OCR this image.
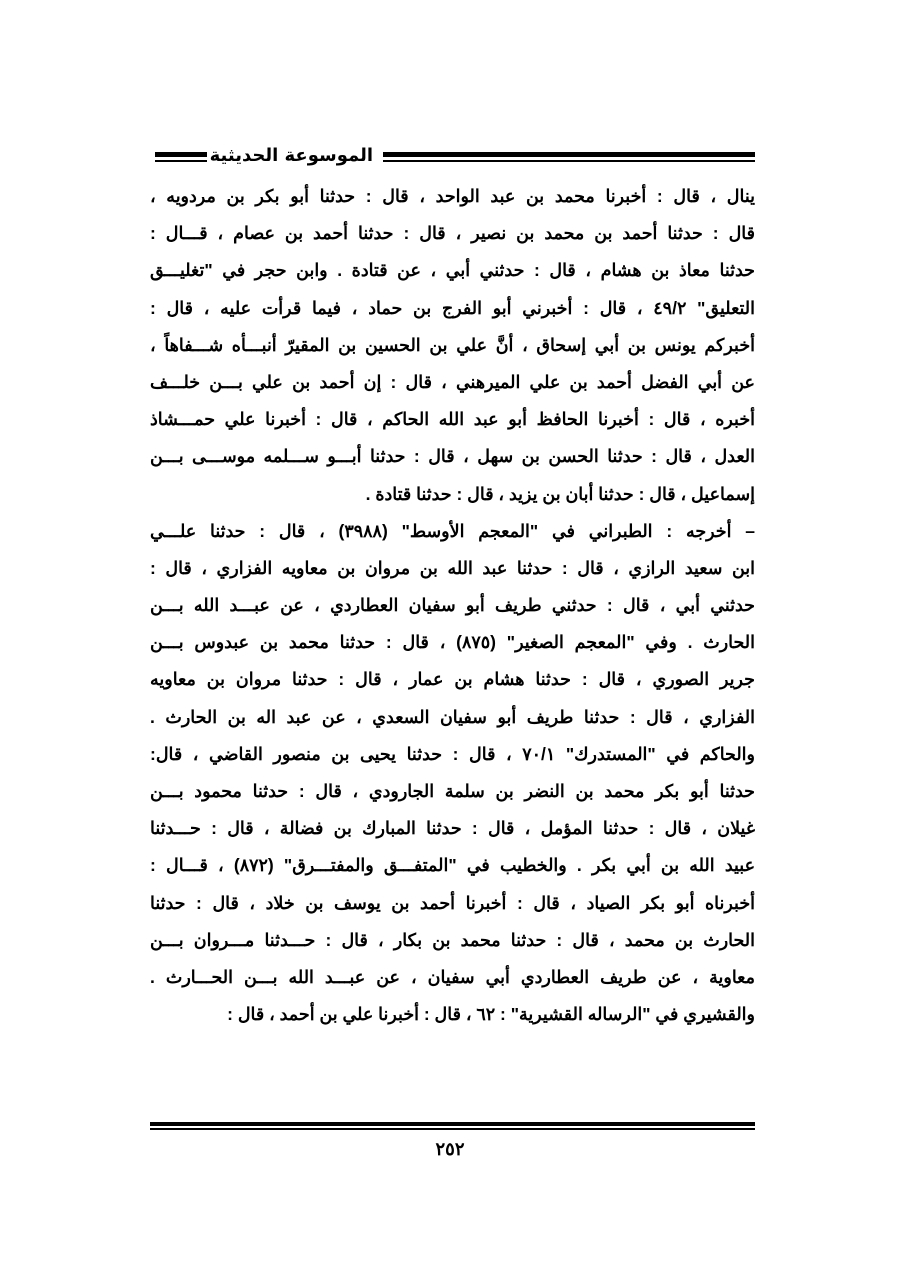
الموسوعة الحديثية
ينال ، قال : أخبرنا محمد بن عبد الواحد ، قال : حدثنا أبو بكر بن مردويه ،
قال : حدثنا أحمد بن محمد بن نصير ، قال : حدثنا أحمد بن عصام ، قـــال :
حدثنا معاذ بن هشام ، قال : حدثني أبي ، عن قتادة . وابن حجر في "تغليـــق
التعليق" ٤٩/٢ ، قال : أخبرني أبو الفرج بن حماد ، فيما قرأت عليه ، قال :
أخبركم يونس بن أبي إسحاق ، أنَّ علي بن الحسين بن المقيرّ أنبـــأه شـــفاهاً ،
عن أبي الفضل أحمد بن علي الميرهني ، قال : إن أحمد بن علي بـــن خلـــف
أخبره ، قال : أخبرنا الحافظ أبو عبد الله الحاكم ، قال : أخبرنا علي حمـــشاذ
العدل ، قال : حدثنا الحسن بن سهل ، قال : حدثنا أبـــو ســـلمه موســـى بـــن
إسماعيل ، قال : حدثنا أبان بن يزيد ، قال : حدثنا قتادة .
– أخرجه : الطبراني في "المعجم الأوسط" (٣٩٨٨) ، قال : حدثنا علـــي
ابن سعيد الرازي ، قال : حدثنا عبد الله بن مروان بن معاويه الفزاري ، قال :
حدثني أبي ، قال : حدثني طريف أبو سفيان العطاردي ، عن عبـــد الله بـــن
الحارث . وفي "المعجم الصغير" (٨٧٥) ، قال : حدثنا محمد بن عبدوس بـــن
جرير الصوري ، قال : حدثنا هشام بن عمار ، قال : حدثنا مروان بن معاويه
الفزاري ، قال : حدثنا طريف أبو سفيان السعدي ، عن عبد اله بن الحارث .
والحاكم في "المستدرك" ٧٠/١ ، قال : حدثنا يحيى بن منصور القاضي ، قال:
حدثنا أبو بكر محمد بن النضر بن سلمة الجارودي ، قال : حدثنا محمود بـــن
غيلان ، قال : حدثنا المؤمل ، قال : حدثنا المبارك بن فضالة ، قال : حـــدثنا
عبيد الله بن أبي بكر . والخطيب في "المتفـــق والمفتـــرق" (٨٧٢) ، قـــال :
أخبرناه أبو بكر الصياد ، قال : أخبرنا أحمد بن يوسف بن خلاد ، قال : حدثنا
الحارث بن محمد ، قال : حدثنا محمد بن بكار ، قال : حـــدثنا مـــروان بـــن
معاوية ، عن طريف العطاردي أبي سفيان ، عن عبـــد الله بـــن الحـــارث .
والقشيري في "الرساله القشيرية" : ٦٢ ، قال : أخبرنا علي بن أحمد ، قال :
٢٥٢
